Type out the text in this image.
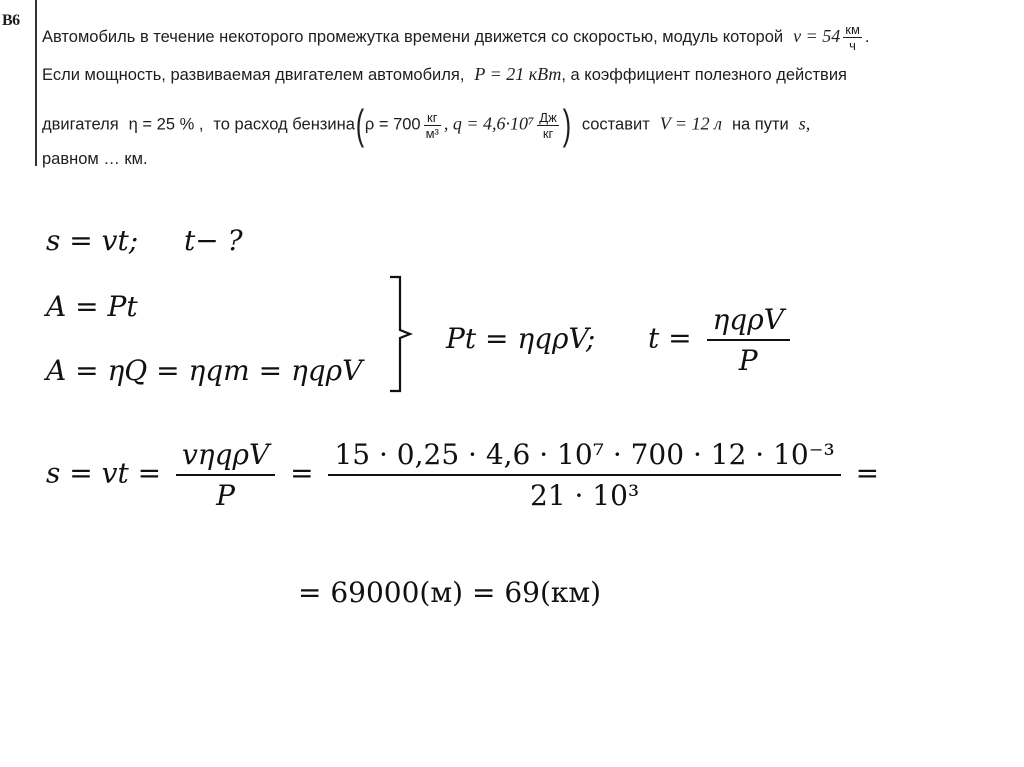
В6
Автомобиль в течение некоторого промежутка времени движется со скоростью, модуль которой $v = 54 \frac{км}{ч}$ .
Если мощность, развиваемая двигателем автомобиля, P = 21 кВт, а коэффициент полезного действия
двигателя η = 25 % , то расход бензина(ρ = $700 \frac{кг}{\text{м³}}$ , $q = 4,6\cdot 10^7 \frac{Дж}{кг}$ ) составит V = 12 л на пути s,
равном … км.
s = vt; t− ?
A = Pt
A = ηQ = ηqm = ηqρV
Pt = ηqρV; $t = \frac{\text{ηqρV}}{P}$
s = vt = $\frac{\text{vηqρV}}{P} = \frac{\text{15 · 0,25 · 4,6 · 10⁷ · 700 · 12 · 10⁻³}}{\text{21 · 10³}}$ =
= 69000(м) = 69(км)
